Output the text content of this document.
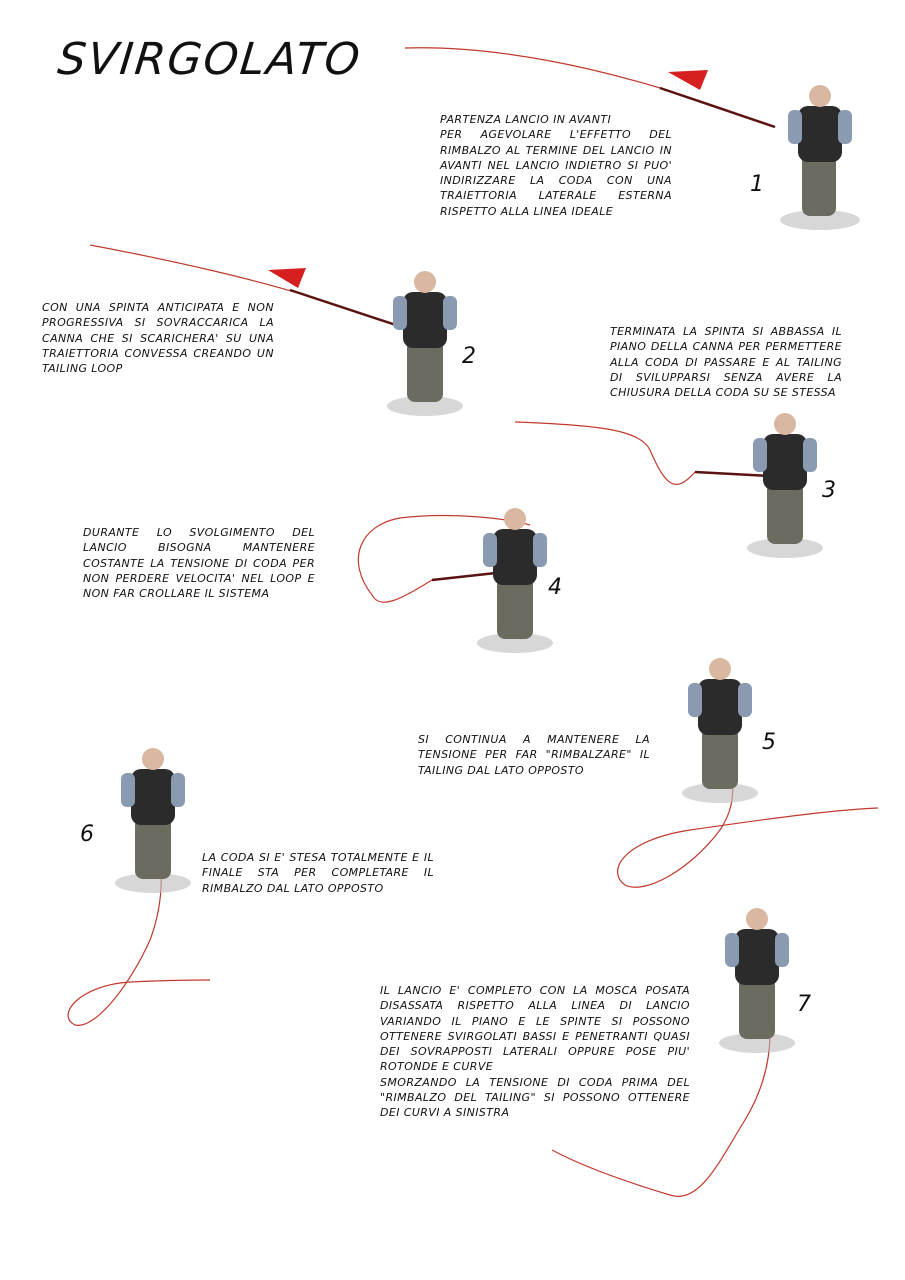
SVIRGOLATO
1
2
3
4
5
6
7
PARTENZA LANCIO IN AVANTI
PER AGEVOLARE L'EFFETTO DEL RIMBALZO AL TERMINE DEL LANCIO IN AVANTI NEL LANCIO INDIETRO SI PUO' INDIRIZZARE LA CODA CON UNA TRAIETTORIA LATERALE ESTERNA RISPETTO ALLA LINEA IDEALE
CON UNA SPINTA ANTICIPATA E NON PROGRESSIVA SI SOVRACCARICA LA CANNA CHE SI SCARICHERA' SU UNA TRAIETTORIA CONVESSA CREANDO UN TAILING LOOP
TERMINATA LA SPINTA SI ABBASSA IL PIANO DELLA CANNA PER PERMETTERE ALLA CODA DI PASSARE E AL TAILING DI SVILUPPARSI SENZA AVERE LA CHIUSURA DELLA CODA SU SE STESSA
DURANTE LO SVOLGIMENTO DEL LANCIO BISOGNA MANTENERE COSTANTE LA TENSIONE DI CODA PER NON PERDERE VELOCITA' NEL LOOP E NON FAR CROLLARE IL SISTEMA
SI CONTINUA A MANTENERE LA TENSIONE PER FAR "RIMBALZARE" IL TAILING DAL LATO OPPOSTO
LA CODA SI E' STESA TOTALMENTE E IL FINALE STA PER COMPLETARE IL RIMBALZO DAL LATO OPPOSTO
IL LANCIO E' COMPLETO CON LA MOSCA POSATA DISASSATA RISPETTO ALLA LINEA DI LANCIO VARIANDO IL PIANO E LE SPINTE SI POSSONO OTTENERE SVIRGOLATI BASSI E PENETRANTI QUASI DEI SOVRAPPOSTI LATERALI OPPURE POSE PIU' ROTONDE E CURVE
SMORZANDO LA TENSIONE DI CODA PRIMA DEL "RIMBALZO DEL TAILING" SI POSSONO OTTENERE DEI CURVI A SINISTRA
